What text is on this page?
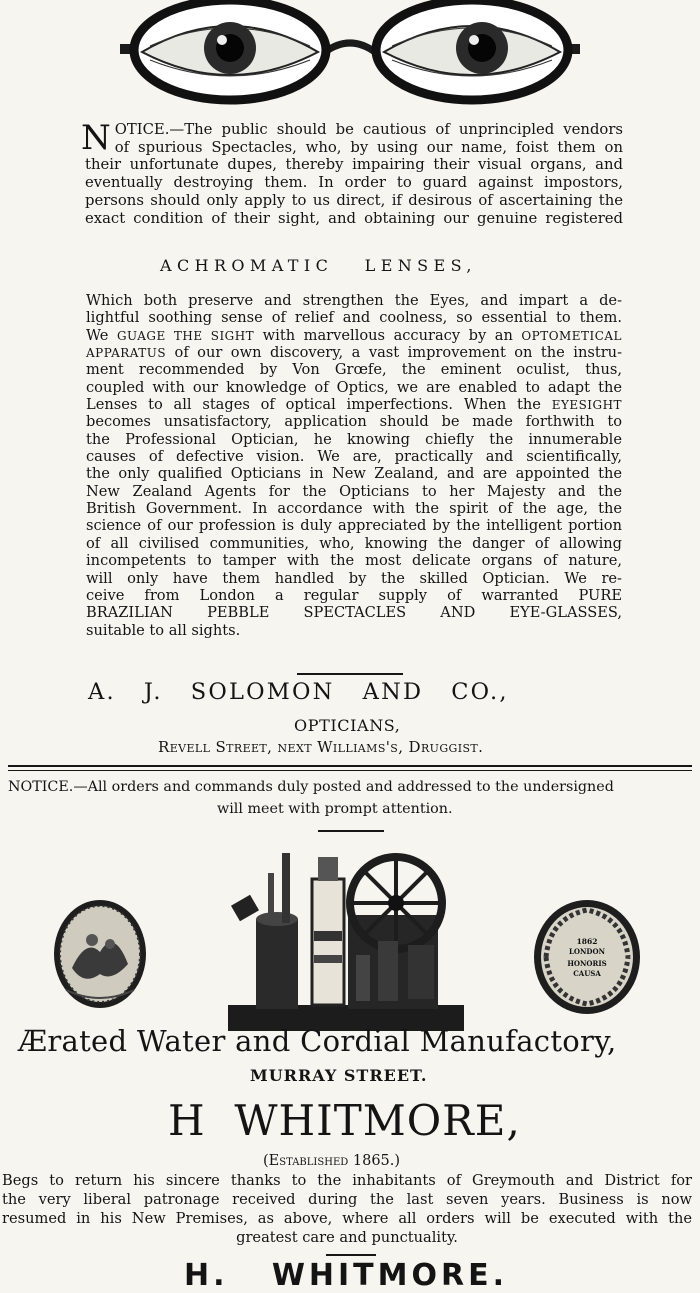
N OTICE.—The public should be cautious of unprincipled vendors
of spurious Spectacles, who, by using our name, foist them on
their unfortunate dupes, thereby impairing their visual organs, and
eventually destroying them. In order to guard against impostors,
persons should only apply to us direct, if desirous of ascertaining the
exact condition of their sight, and obtaining our genuine registered
ACHROMATIC   LENSES,
Which both preserve and strengthen the Eyes, and impart a de-
lightful soothing sense of relief and coolness, so essential to them.
We GUAGE THE SIGHT with marvellous accuracy by an OPTOMETICAL
APPARATUS of our own discovery, a vast improvement on the instru-
ment recommended by Von Grœfe, the eminent oculist, thus,
coupled with our knowledge of Optics, we are enabled to adapt the
Lenses to all stages of optical imperfections. When the EYESIGHT
becomes unsatisfactory, application should be made forthwith to
the Professional Optician, he knowing chiefly the innumerable
causes of defective vision. We are, practically and scientifically,
the only qualified Opticians in New Zealand, and are appointed the
New Zealand Agents for the Opticians to her Majesty and the
British Government. In accordance with the spirit of the age, the
science of our profession is duly appreciated by the intelligent portion
of all civilised communities, who, knowing the danger of allowing
incompetents to tamper with the most delicate organs of nature,
will only have them handled by the skilled Optician. We re-
ceive from London a regular supply of warranted PURE
BRAZILIAN PEBBLE SPECTACLES AND EYE-GLASSES,
suitable to all sights.
A.   J.   SOLOMON   AND   CO.,
OPTICIANS,
Revell Street, next Williams's, Druggist.
NOTICE.—All orders and commands duly posted and addressed to the undersigned
will meet with prompt attention.
1862
LONDON
HONORIS
CAUSA
Ærated Water and Cordial Manufactory,
MURRAY STREET.
H  WHITMORE,
(Established 1865.)
Begs to return his sincere thanks to the inhabitants of Greymouth and District for
the very liberal patronage received during the last seven years. Business is now
resumed in his New Premises, as above, where all orders will be executed with the
greatest care and punctuality.
H.   WHITMORE.
